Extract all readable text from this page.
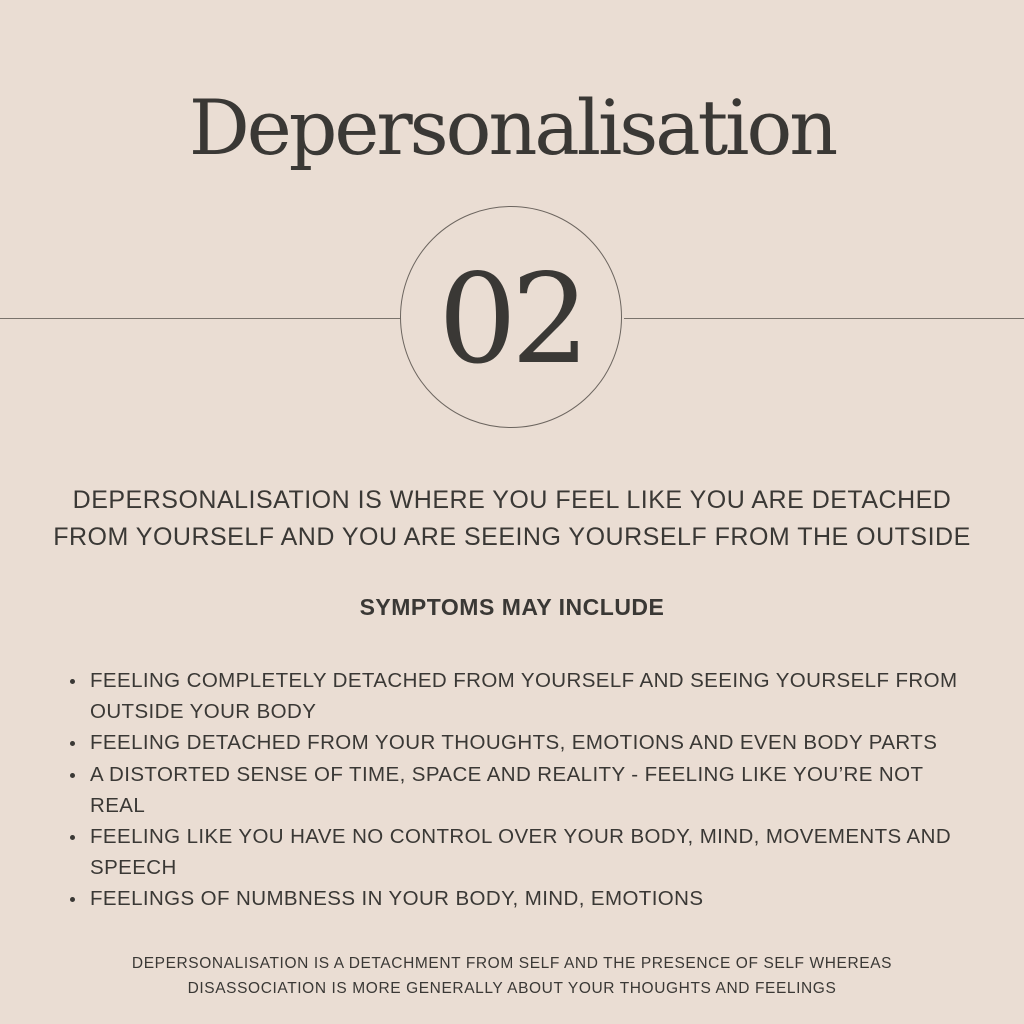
Depersonalisation
02
DEPERSONALISATION IS WHERE YOU FEEL LIKE YOU ARE DETACHED
FROM YOURSELF AND YOU ARE SEEING YOURSELF FROM THE OUTSIDE
SYMPTOMS MAY INCLUDE
FEELING COMPLETELY DETACHED FROM YOURSELF AND SEEING YOURSELF FROM OUTSIDE YOUR BODY
FEELING DETACHED FROM YOUR THOUGHTS, EMOTIONS AND EVEN BODY PARTS
A DISTORTED SENSE OF TIME, SPACE AND REALITY - FEELING LIKE YOU’RE NOT REAL
FEELING LIKE YOU HAVE NO CONTROL OVER YOUR BODY, MIND, MOVEMENTS AND SPEECH
FEELINGS OF NUMBNESS IN YOUR BODY, MIND, EMOTIONS
DEPERSONALISATION IS A DETACHMENT FROM SELF AND THE PRESENCE OF SELF WHEREAS
DISASSOCIATION IS MORE GENERALLY ABOUT YOUR THOUGHTS AND FEELINGS
